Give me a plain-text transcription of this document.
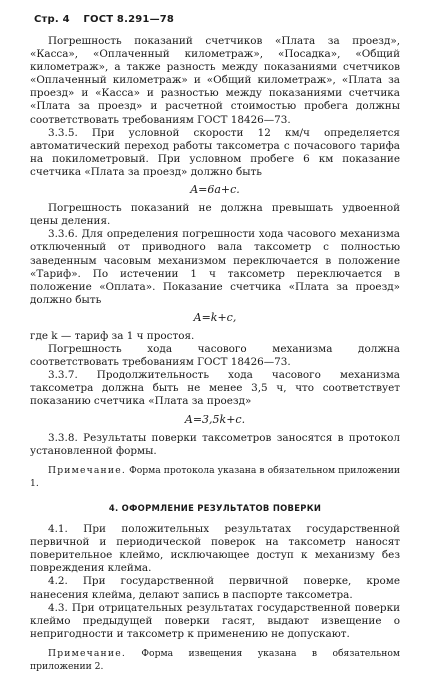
Стр. 4 ГОСТ 8.291—78

Погрешность показаний счетчиков «Плата за проезд», «Касса», «Оплаченный километраж», «Посадка», «Общий километраж», а также разность между показаниями счетчиков «Оплаченный километраж» и «Общий километраж», «Плата за проезд» и «Касса» и разностью между показаниями счетчика «Плата за проезд» и расчетной стоимостью пробега должны соответствовать требованиям ГОСТ 18426—73.

3.3.5. При условной скорости 12 км/ч определяется автоматический переход работы таксометра с почасового тарифа на покилометровый. При условном пробеге 6 км показание счетчика «Плата за проезд» должно быть

A=6a+c.

Погрешность показаний не должна превышать удвоенной цены деления.

3.3.6. Для определения погрешности хода часового механизма отключенный от приводного вала таксометр с полностью заведенным часовым механизмом переключается в положение «Тариф». По истечении 1 ч таксометр переключается в положение «Оплата». Показание счетчика «Плата за проезд» должно быть

A=k+c,

где k — тариф за 1 ч простоя.

Погрешность хода часового механизма должна соответствовать требованиям ГОСТ 18426—73.

3.3.7. Продолжительность хода часового механизма таксометра должна быть не менее 3,5 ч, что соответствует показанию счетчика «Плата за проезд»

A=3,5k+c.

3.3.8. Результаты поверки таксометров заносятся в протокол установленной формы.

Примечание. Форма протокола указана в обязательном приложении 1.

4. ОФОРМЛЕНИЕ РЕЗУЛЬТАТОВ ПОВЕРКИ

4.1. При положительных результатах государственной первичной и периодической поверок на таксометр наносят поверительное клеймо, исключающее доступ к механизму без повреждения клейма.

4.2. При государственной первичной поверке, кроме нанесения клейма, делают запись в паспорте таксометра.

4.3. При отрицательных результатах государственной поверки клеймо предыдущей поверки гасят, выдают извещение о непригодности и таксометр к применению не допускают.

Примечание. Форма извещения указана в обязательном приложении 2.
